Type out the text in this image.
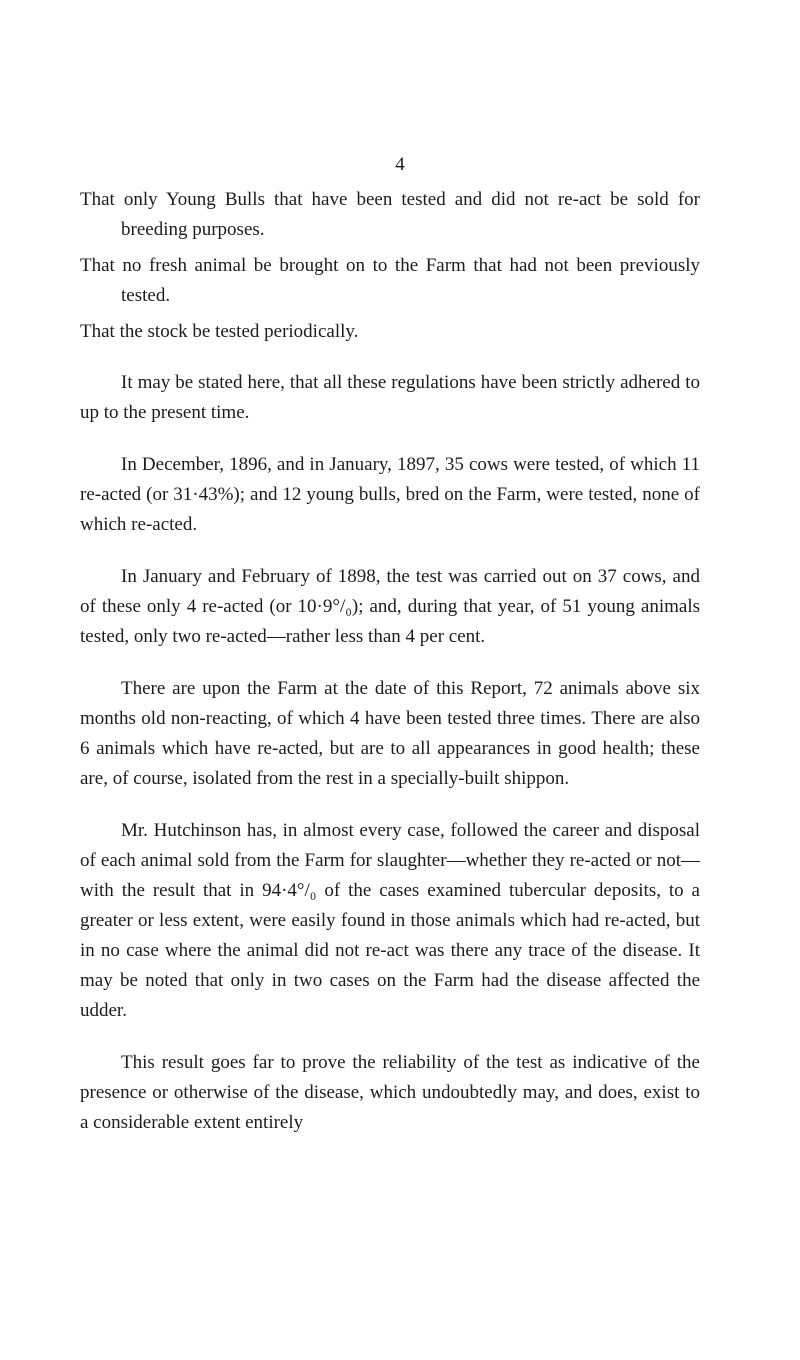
4

That only Young Bulls that have been tested and did not re-act be sold for breeding purposes.

That no fresh animal be brought on to the Farm that had not been previously tested.

That the stock be tested periodically.

It may be stated here, that all these regulations have been strictly adhered to up to the present time.

In December, 1896, and in January, 1897, 35 cows were tested, of which 11 re-acted (or 31·43%); and 12 young bulls, bred on the Farm, were tested, none of which re-acted.

In January and February of 1898, the test was carried out on 37 cows, and of these only 4 re-acted (or 10·9°/₀); and, during that year, of 51 young animals tested, only two re-acted—rather less than 4 per cent.

There are upon the Farm at the date of this Report, 72 animals above six months old non-reacting, of which 4 have been tested three times. There are also 6 animals which have re-acted, but are to all appearances in good health; these are, of course, isolated from the rest in a specially-built shippon.

Mr. Hutchinson has, in almost every case, followed the career and disposal of each animal sold from the Farm for slaughter—whether they re-acted or not—with the result that in 94·4°/₀ of the cases examined tubercular deposits, to a greater or less extent, were easily found in those animals which had re-acted, but in no case where the animal did not re-act was there any trace of the disease. It may be noted that only in two cases on the Farm had the disease affected the udder.

This result goes far to prove the reliability of the test as indicative of the presence or otherwise of the disease, which undoubtedly may, and does, exist to a considerable extent entirely
